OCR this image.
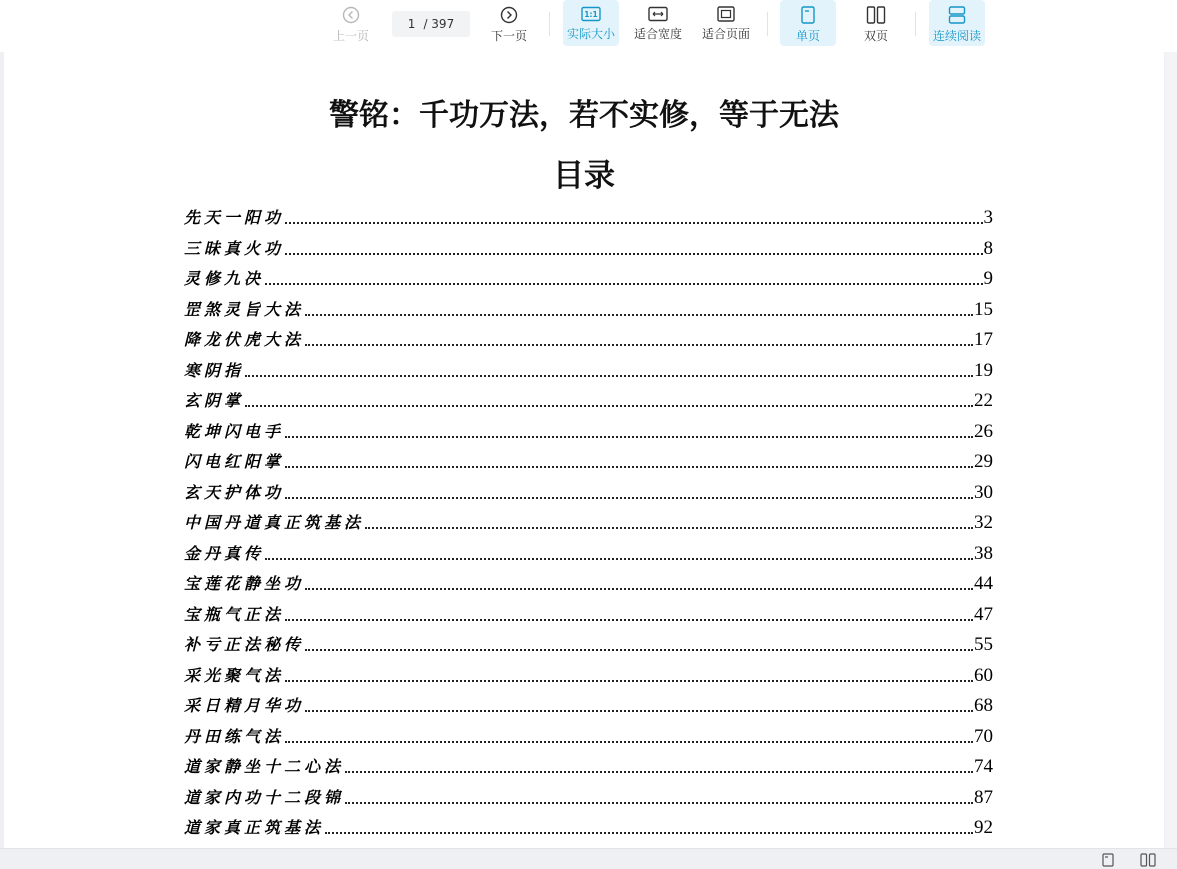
上一页
1 / 397
下一页
1:1
实际大小 适合宽度 适合页面	单页	双页	连续阅读
警铭：千功万法，若不实修，等于无法
目录
先天一阳功	3
三昧真火功	8
灵修九决	9
罡煞灵旨大法	15
降龙伏虎大法	17
寒阴指	19
玄阴掌	22
乾坤闪电手	26
闪电红阳掌	29
玄天护体功	30
中国丹道真正筑基法	32
金丹真传	38
宝莲花静坐功	44
宝瓶气正法	47
补亏正法秘传	55
采光聚气法	60
采日精月华功	68
丹田练气法	70
道家静坐十二心法	74
道家内功十二段锦	87
道家真正筑基法	92
